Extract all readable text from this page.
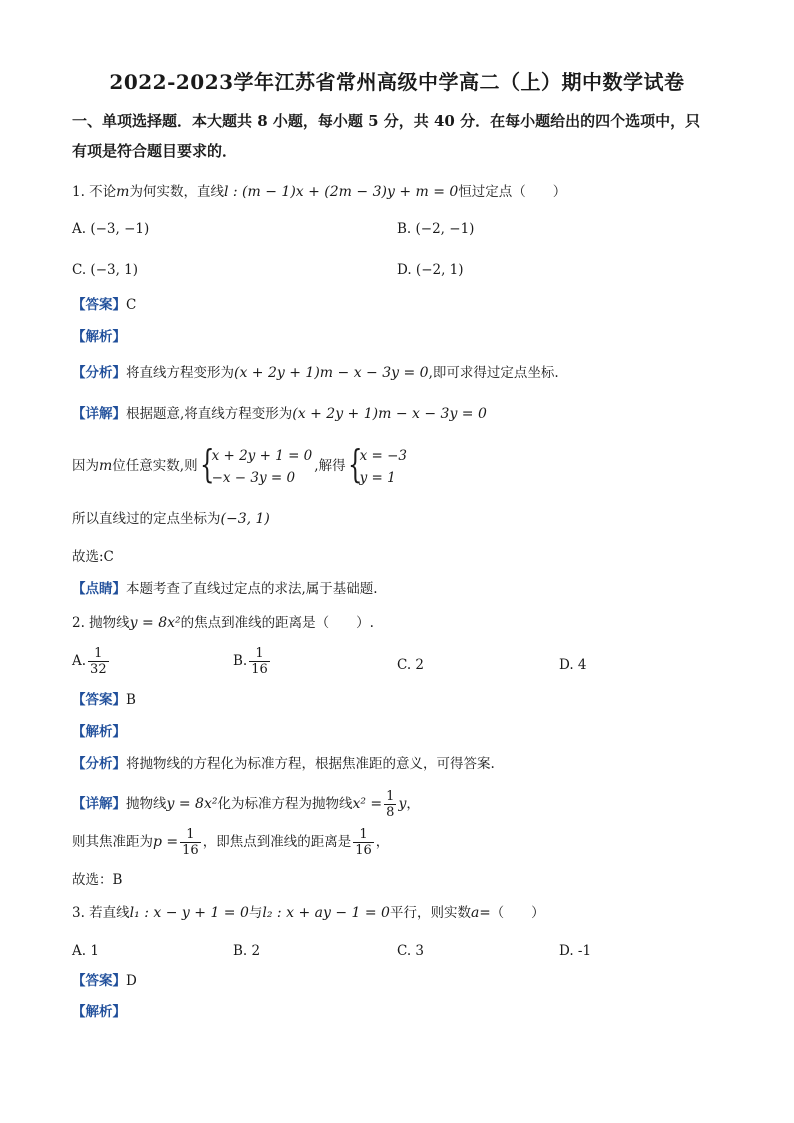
2022-2023学年江苏省常州高级中学高二（上）期中数学试卷
一、单项选择题．本大题共 8 小题，每小题 5 分，共 40 分．在每小题给出的四个选项中，只
有项是符合题目要求的．
1. 不论m为何实数，直线l : (m − 1)x + (2m − 3)y + m = 0恒过定点（　　）
A. (−3, −1)	B. (−2, −1)
C. (−3, 1)	D. (−2, 1)
【答案】C
【解析】
【分析】将直线方程变形为(x + 2y + 1)m − x − 3y = 0,即可求得过定点坐标.
【详解】根据题意,将直线方程变形为(x + 2y + 1)m − x − 3y = 0
因为m位任意实数,则 {
x + 2y + 1 = 0
−x − 3y = 0
,解得 {
x = −3
y = 1
所以直线过的定点坐标为(−3, 1)
故选:C
【点睛】本题考查了直线过定点的求法,属于基础题.
2. 抛物线y = 8x²的焦点到准线的距离是（　　）.
A. $\frac{1}{32}$	B. $\frac{1}{16}$	C. 2	D. 4
【答案】B
【解析】
【分析】将抛物线的方程化为标准方程，根据焦准距的意义，可得答案.
【详解】抛物线y = 8x²化为标准方程为抛物线$x^2 = \frac{1}{8}$ y，
则其焦准距为$p = \frac{1}{16}$ ，即焦点到准线的距离是 $\frac{1}{16}$ ，
故选：B
3. 若直线l₁ : x − y + 1 = 0与l₂ : x + ay − 1 = 0平行，则实数a=（　　）
A. 1	B. 2	C. 3	D. -1
【答案】D
【解析】
